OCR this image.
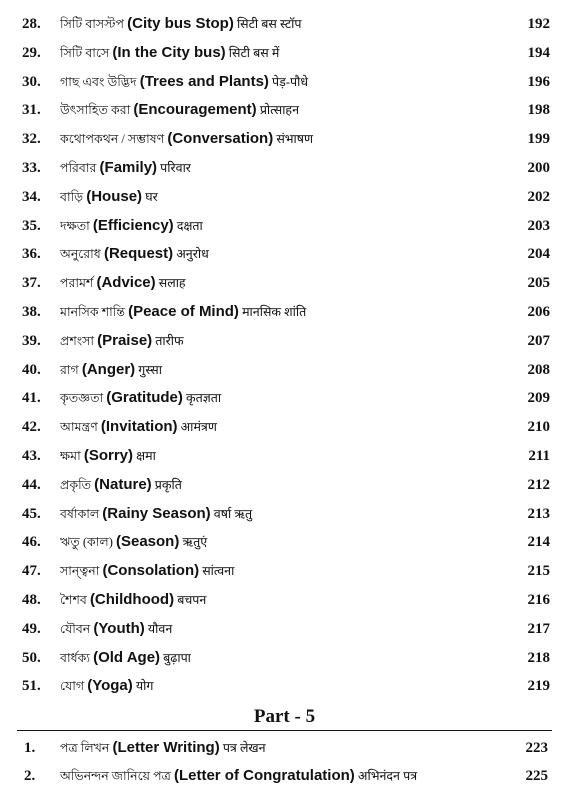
28. সিটি বাসস্টপ (City bus Stop) सिटी बस स्टॉप	192
29. সিটি বাসে (In the City bus) सिटी बस में	194
30. গাছ এবং উদ্ভিদ (Trees and Plants) पेड़-पौधे	196
31. উৎসাহিত করা (Encouragement) प्रोत्साहन	198
32. কথোপকথন / সম্ভাষণ (Conversation) संभाषण	199
33. পরিবার (Family) परिवार	200
34. বাড়ি (House) घर	202
35. দক্ষতা (Efficiency) दक्षता	203
36. অনুরোধ (Request) अनुरोध	204
37. পরামর্শ (Advice) सलाह	205
38. মানসিক শান্তি (Peace of Mind) मानसिक शांति	206
39. প্রশংসা (Praise) तारीफ	207
40. রাগ (Anger) गुस्सा	208
41. কৃতজ্ঞতা (Gratitude) कृतज्ञता	209
42. আমন্ত্রণ (Invitation) आमंत्रण	210
43. ক্ষমা (Sorry) क्षमा	211
44. প্রকৃতি (Nature) प्रकृति	212
45. বর্ষাকাল (Rainy Season) वर्षा ऋतु	213
46. ঋতু (কাল) (Season) ऋतुएं	214
47. সান্ত্বনা (Consolation) सांत्वना	215
48. শৈশব (Childhood) बचपन	216
49. যৌবন (Youth) यौवन	217
50. বার্ধক্য (Old Age) बुढ़ापा	218
51. যোগ (Yoga) योग	219
Part - 5
1. পত্র লিখন (Letter Writing) पत्र लेखन	223
2. অভিনন্দন জানিয়ে পত্র (Letter of Congratulation) अभिनंदन पत्र	225
